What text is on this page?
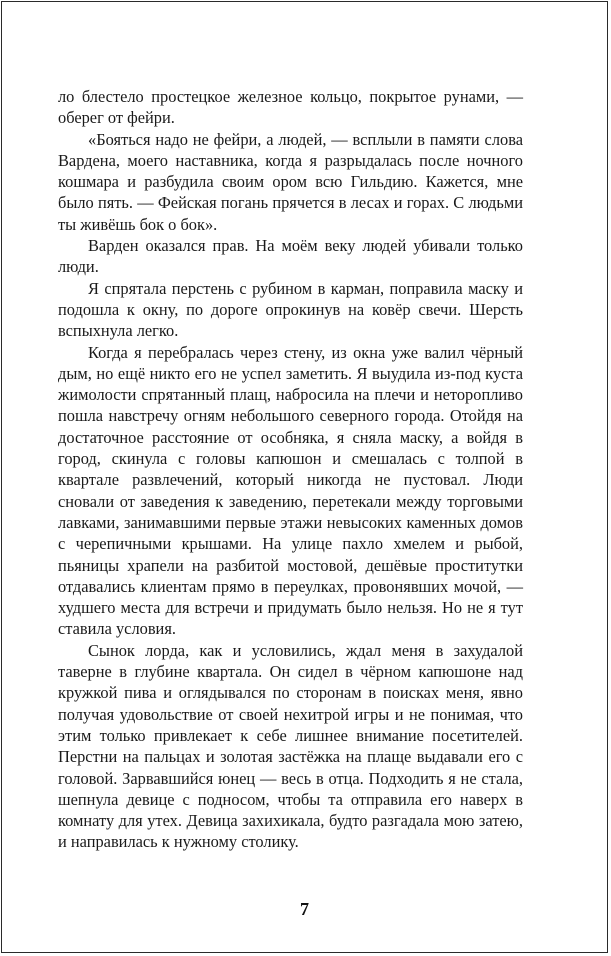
ло блестело простецкое железное кольцо, покрытое рунами, — оберег от фейри.

«Бояться надо не фейри, а людей, — всплыли в памяти слова Вардена, моего наставника, когда я разрыдалась после ночного кошмара и разбудила своим ором всю Гильдию. Кажется, мне было пять. — Фейская погань прячется в лесах и горах. С людьми ты живёшь бок о бок».

Варден оказался прав. На моём веку людей убивали только люди.

Я спрятала перстень с рубином в карман, поправила маску и подошла к окну, по дороге опрокинув на ковёр свечи. Шерсть вспыхнула легко.

Когда я перебралась через стену, из окна уже валил чёрный дым, но ещё никто его не успел заметить. Я выудила из-под куста жимолости спрятанный плащ, набросила на плечи и неторопливо пошла навстречу огням небольшого северного города. Отойдя на достаточное расстояние от особняка, я сняла маску, а войдя в город, скинула с головы капюшон и смешалась с толпой в квартале развлечений, который никогда не пустовал. Люди сновали от заведения к заведению, перетекали между торговыми лавками, занимавшими первые этажи невысоких каменных домов с черепичными крышами. На улице пахло хмелем и рыбой, пьяницы храпели на разбитой мостовой, дешёвые проститутки отдавались клиентам прямо в переулках, провонявших мочой, — худшего места для встречи и придумать было нельзя. Но не я тут ставила условия.

Сынок лорда, как и условились, ждал меня в захудалой таверне в глубине квартала. Он сидел в чёрном капюшоне над кружкой пива и оглядывался по сторонам в поисках меня, явно получая удовольствие от своей нехитрой игры и не понимая, что этим только привлекает к себе лишнее внимание посетителей. Перстни на пальцах и золотая застёжка на плаще выдавали его с головой. Зарвавшийся юнец — весь в отца. Подходить я не стала, шепнула девице с подносом, чтобы та отправила его наверх в комнату для утех. Девица захихикала, будто разгадала мою затею, и направилась к нужному столику.

7
